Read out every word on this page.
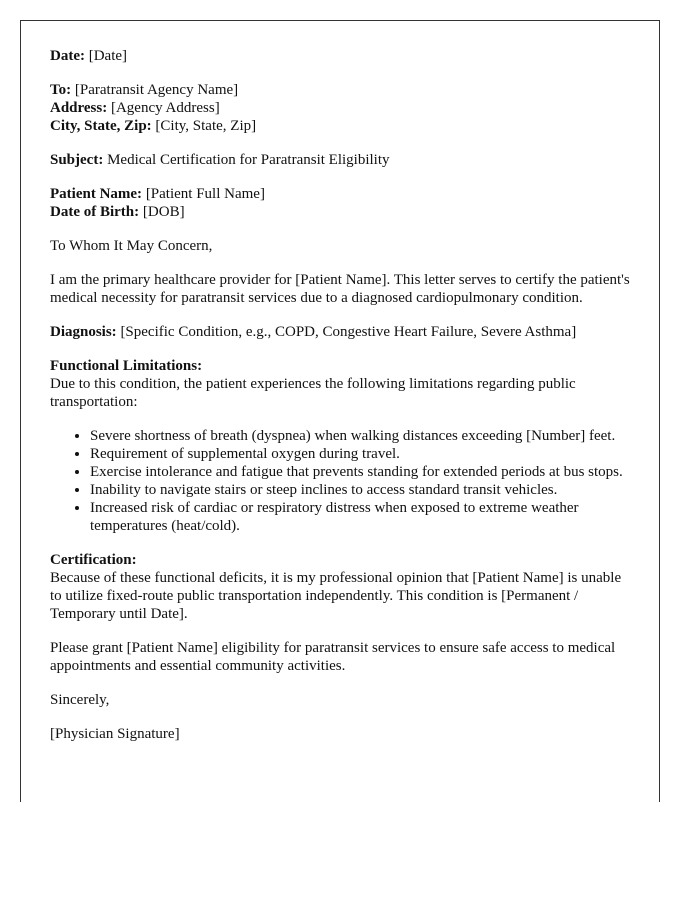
Date: [Date]

To: [Paratransit Agency Name]
Address: [Agency Address]
City, State, Zip: [City, State, Zip]

Subject: Medical Certification for Paratransit Eligibility

Patient Name: [Patient Full Name]
Date of Birth: [DOB]

To Whom It May Concern,

I am the primary healthcare provider for [Patient Name]. This letter serves to certify the patient's medical necessity for paratransit services due to a diagnosed cardiopulmonary condition.

Diagnosis: [Specific Condition, e.g., COPD, Congestive Heart Failure, Severe Asthma]

Functional Limitations:
Due to this condition, the patient experiences the following limitations regarding public transportation:

• Severe shortness of breath (dyspnea) when walking distances exceeding [Number] feet.
• Requirement of supplemental oxygen during travel.
• Exercise intolerance and fatigue that prevents standing for extended periods at bus stops.
• Inability to navigate stairs or steep inclines to access standard transit vehicles.
• Increased risk of cardiac or respiratory distress when exposed to extreme weather temperatures (heat/cold).

Certification:
Because of these functional deficits, it is my professional opinion that [Patient Name] is unable to utilize fixed-route public transportation independently. This condition is [Permanent / Temporary until Date].

Please grant [Patient Name] eligibility for paratransit services to ensure safe access to medical appointments and essential community activities.

Sincerely,

[Physician Signature]
